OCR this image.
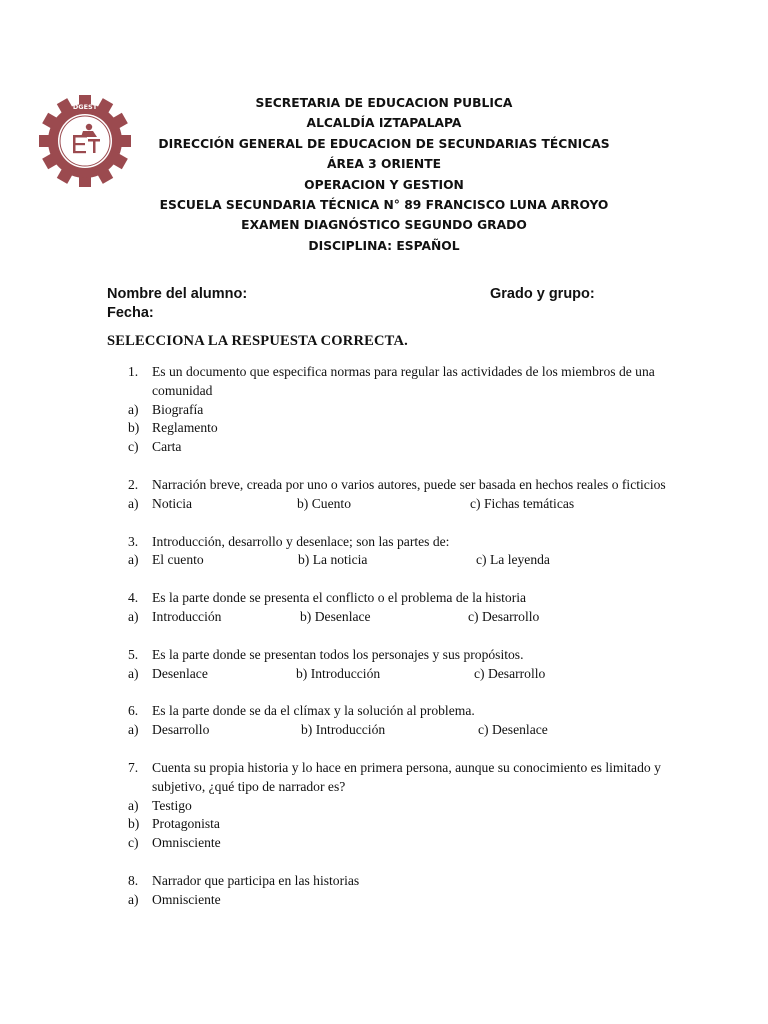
DGEST	SECRETARIA DE EDUCACION PUBLICA
ALCALDÍA IZTAPALAPA
DIRECCIÓN GENERAL DE EDUCACION DE SECUNDARIAS TÉCNICAS
ÁREA 3 ORIENTE
OPERACION Y GESTION
ESCUELA SECUNDARIA TÉCNICA N° 89 FRANCISCO LUNA ARROYO
EXAMEN DIAGNÓSTICO SEGUNDO GRADO
DISCIPLINA: ESPAÑOL
Nombre del alumno:	Grado y grupo:
Fecha:
SELECCIONA LA RESPUESTA CORRECTA.
1. Es un documento que especifica normas para regular las actividades de los miembros de una comunidad
a) Biografía
b) Reglamento
c) Carta
2. Narración breve, creada por uno o varios autores, puede ser basada en hechos reales o ficticios
a) Noticia	b) Cuento	c) Fichas temáticas
3. Introducción, desarrollo y desenlace; son las partes de:
a) El cuento	b) La noticia	c) La leyenda
4. Es la parte donde se presenta el conflicto o el problema de la historia
a) Introducción	b) Desenlace	c) Desarrollo
5. Es la parte donde se presentan todos los personajes y sus propósitos.
a) Desenlace	b) Introducción	c) Desarrollo
6. Es la parte donde se da el clímax y la solución al problema.
a) Desarrollo	b) Introducción	c) Desenlace
7. Cuenta su propia historia y lo hace en primera persona, aunque su conocimiento es limitado y subjetivo, ¿qué tipo de narrador es?
a) Testigo
b) Protagonista
c) Omnisciente
8. Narrador que participa en las historias
a) Omnisciente
